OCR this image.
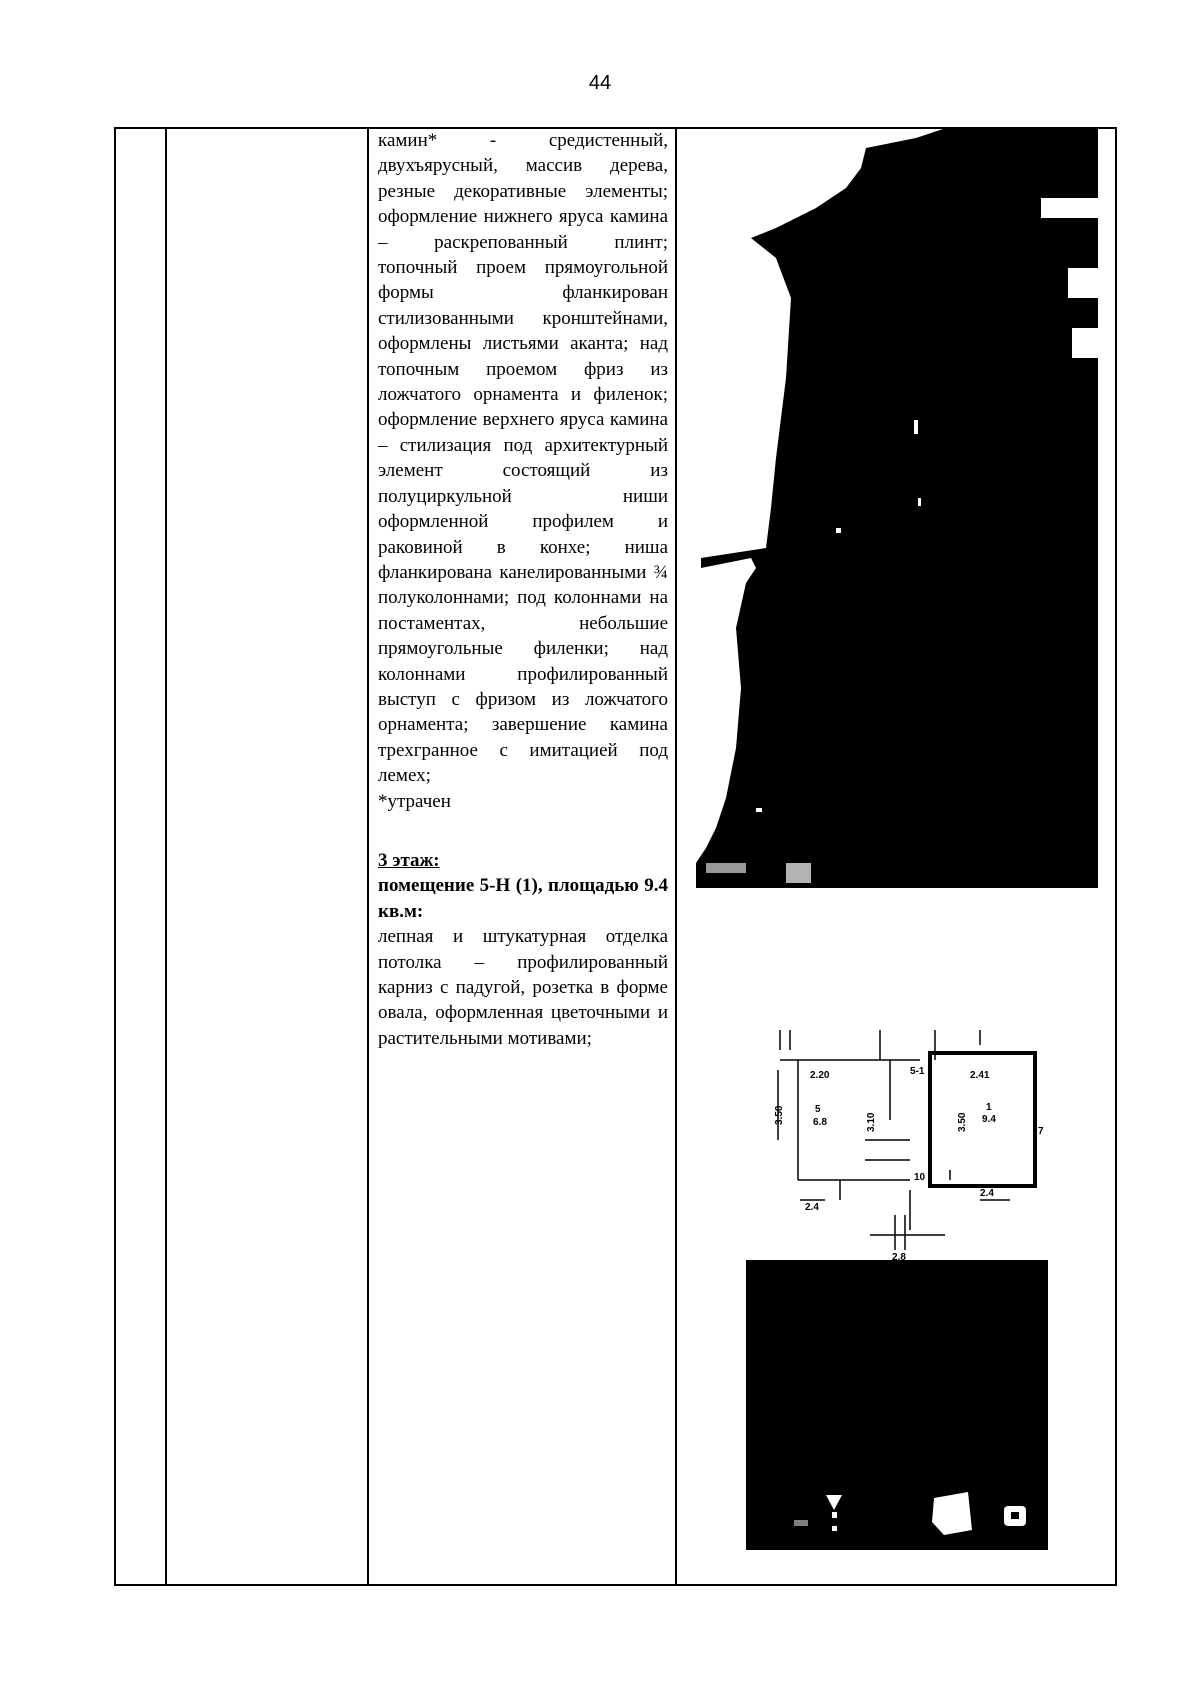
44

камин* - средистенный, двухъярусный, массив дерева, резные декоративные элементы; оформление нижнего яруса камина – раскрепованный плинт; топочный проем прямоугольной формы фланкирован стилизованными кронштейнами, оформлены листьями аканта; над топочным проемом фриз из ложчатого орнамента и филенок; оформление верхнего яруса камина – стилизация под архитектурный элемент состоящий из полуциркульной ниши оформленной профилем и раковиной в конхе; ниша фланкирована канелированными ¾ полуколоннами; под колоннами на постаментах, небольшие прямоугольные филенки; над колоннами профилированный выступ с фризом из ложчатого орнамента; завершение камина трехгранное с имитацией под лемех;

*утрачен

3 этаж:

помещение 5-Н (1), площадью 9.4 кв.м:

лепная и штукатурная отделка потолка – профилированный карниз с падугой, розетка в форме овала, оформленная цветочными и растительными мотивами;

2.20
3.50	5
6.8	3.10
5-1	2.41
3.50
1
9.4
2.4
2.4
2.8
10
7
